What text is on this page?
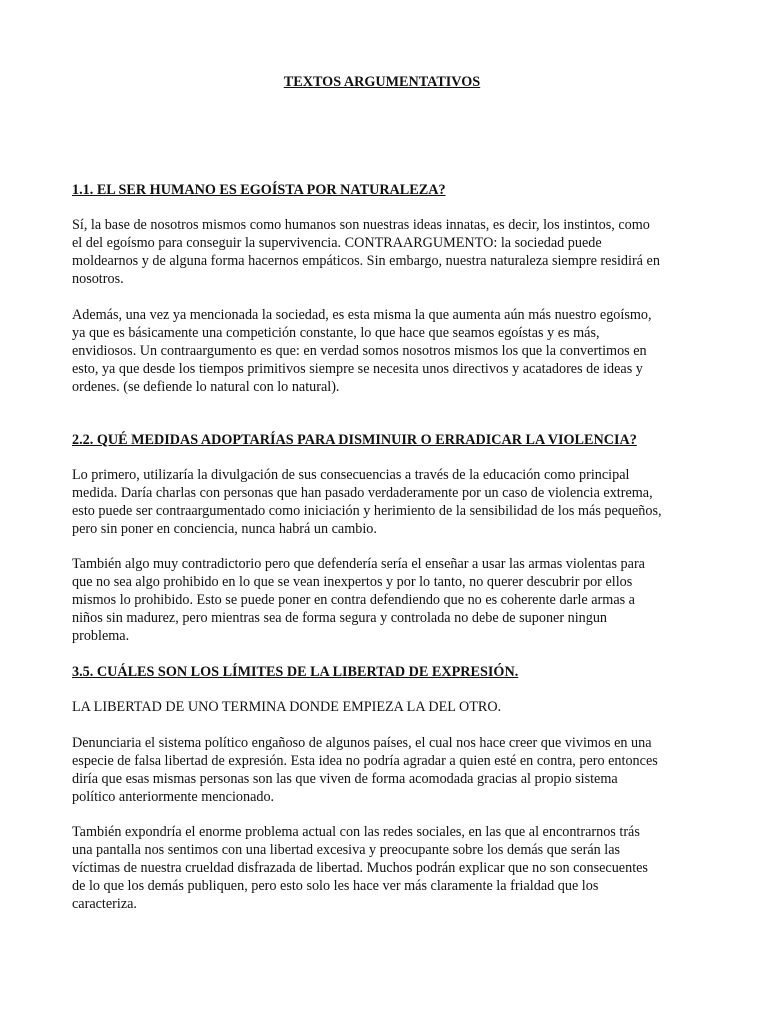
TEXTOS ARGUMENTATIVOS

1.1. EL SER HUMANO ES EGOÍSTA POR NATURALEZA?

Sí, la base de nosotros mismos como humanos son nuestras ideas innatas, es decir, los instintos, como
el del egoísmo para conseguir la supervivencia. CONTRAARGUMENTO: la sociedad puede
moldearnos y de alguna forma hacernos empáticos. Sin embargo, nuestra naturaleza siempre residirá en
nosotros.
Además, una vez ya mencionada la sociedad, es esta misma la que aumenta aún más nuestro egoísmo,
ya que es básicamente una competición constante, lo que hace que seamos egoístas y es más,
envidiosos. Un contraargumento es que: en verdad somos nosotros mismos los que la convertimos en
esto, ya que desde los tiempos primitivos siempre se necesita unos directivos y acatadores de ideas y
ordenes. (se defiende lo natural con lo natural).

2.2. QUÉ MEDIDAS ADOPTARÍAS PARA DISMINUIR O ERRADICAR LA VIOLENCIA?

Lo primero, utilizaría la divulgación de sus consecuencias a través de la educación como principal
medida. Daría charlas con personas que han pasado verdaderamente por un caso de violencia extrema,
esto puede ser contraargumentado como iniciación y herimiento de la sensibilidad de los más pequeños,
pero sin poner en conciencia, nunca habrá un cambio.
También algo muy contradictorio pero que defendería sería el enseñar a usar las armas violentas para
que no sea algo prohibido en lo que se vean inexpertos y por lo tanto, no querer descubrir por ellos
mismos lo prohibido. Esto se puede poner en contra defendiendo que no es coherente darle armas a
niños sin madurez, pero mientras sea de forma segura y controlada no debe de suponer ningun
problema.

3.5. CUÁLES SON LOS LÍMITES DE LA LIBERTAD DE EXPRESIÓN.

LA LIBERTAD DE UNO TERMINA DONDE EMPIEZA LA DEL OTRO.
Denunciaria el sistema político engañoso de algunos países, el cual nos hace creer que vivimos en una
especie de falsa libertad de expresión. Esta idea no podría agradar a quien esté en contra, pero entonces
diría que esas mismas personas son las que viven de forma acomodada gracias al propio sistema
político anteriormente mencionado.
También expondría el enorme problema actual con las redes sociales, en las que al encontrarnos trás
una pantalla nos sentimos con una libertad excesiva y preocupante sobre los demás que serán las
víctimas de nuestra crueldad disfrazada de libertad. Muchos podrán explicar que no son consecuentes
de lo que los demás publiquen, pero esto solo les hace ver más claramente la frialdad que los
caracteriza.
